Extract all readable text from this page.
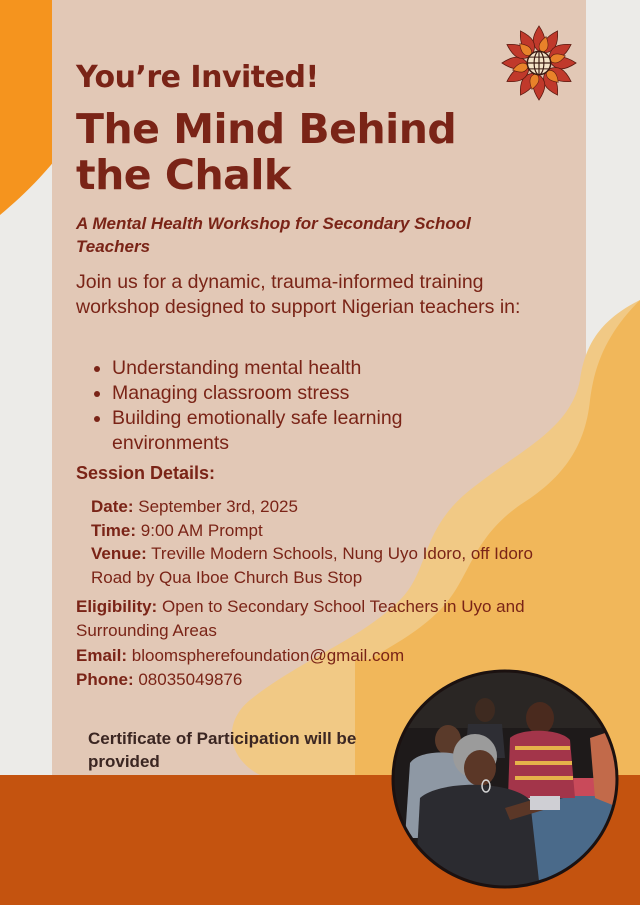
You’re Invited!
The Mind Behind the Chalk
A Mental Health Workshop for Secondary School Teachers
Join us for a dynamic, trauma-informed training workshop designed to support Nigerian teachers in:
Understanding mental health
Managing classroom stress
Building emotionally safe learning environments
Session Details:
Date: September 3rd, 2025
Time: 9:00 AM Prompt
Venue: Treville Modern Schools, Nung Uyo Idoro, off Idoro Road by Qua Iboe Church Bus Stop
Eligibility: Open to Secondary School Teachers in Uyo and Surrounding Areas
Email: bloomspherefoundation@gmail.com
Phone: 08035049876
Certificate of Participation will be provided
